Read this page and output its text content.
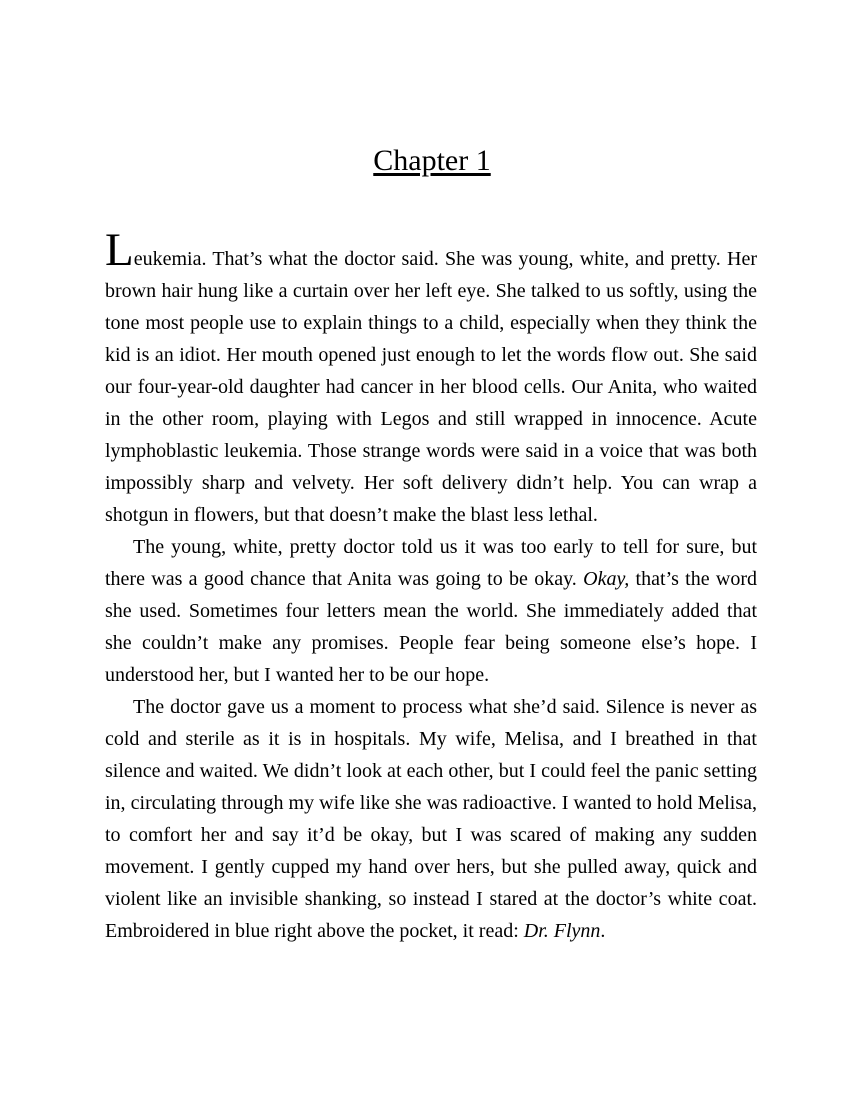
Chapter 1

Leukemia. That’s what the doctor said. She was young, white, and pretty. Her brown hair hung like a curtain over her left eye. She talked to us softly, using the tone most people use to explain things to a child, especially when they think the kid is an idiot. Her mouth opened just enough to let the words flow out. She said our four-year-old daughter had cancer in her blood cells. Our Anita, who waited in the other room, playing with Legos and still wrapped in innocence. Acute lymphoblastic leukemia. Those strange words were said in a voice that was both impossibly sharp and velvety. Her soft delivery didn’t help. You can wrap a shotgun in flowers, but that doesn’t make the blast less lethal.

The young, white, pretty doctor told us it was too early to tell for sure, but there was a good chance that Anita was going to be okay. Okay, that’s the word she used. Sometimes four letters mean the world. She immediately added that she couldn’t make any promises. People fear being someone else’s hope. I understood her, but I wanted her to be our hope.

The doctor gave us a moment to process what she’d said. Silence is never as cold and sterile as it is in hospitals. My wife, Melisa, and I breathed in that silence and waited. We didn’t look at each other, but I could feel the panic setting in, circulating through my wife like she was radioactive. I wanted to hold Melisa, to comfort her and say it’d be okay, but I was scared of making any sudden movement. I gently cupped my hand over hers, but she pulled away, quick and violent like an invisible shanking, so instead I stared at the doctor’s white coat. Embroidered in blue right above the pocket, it read: Dr. Flynn.
